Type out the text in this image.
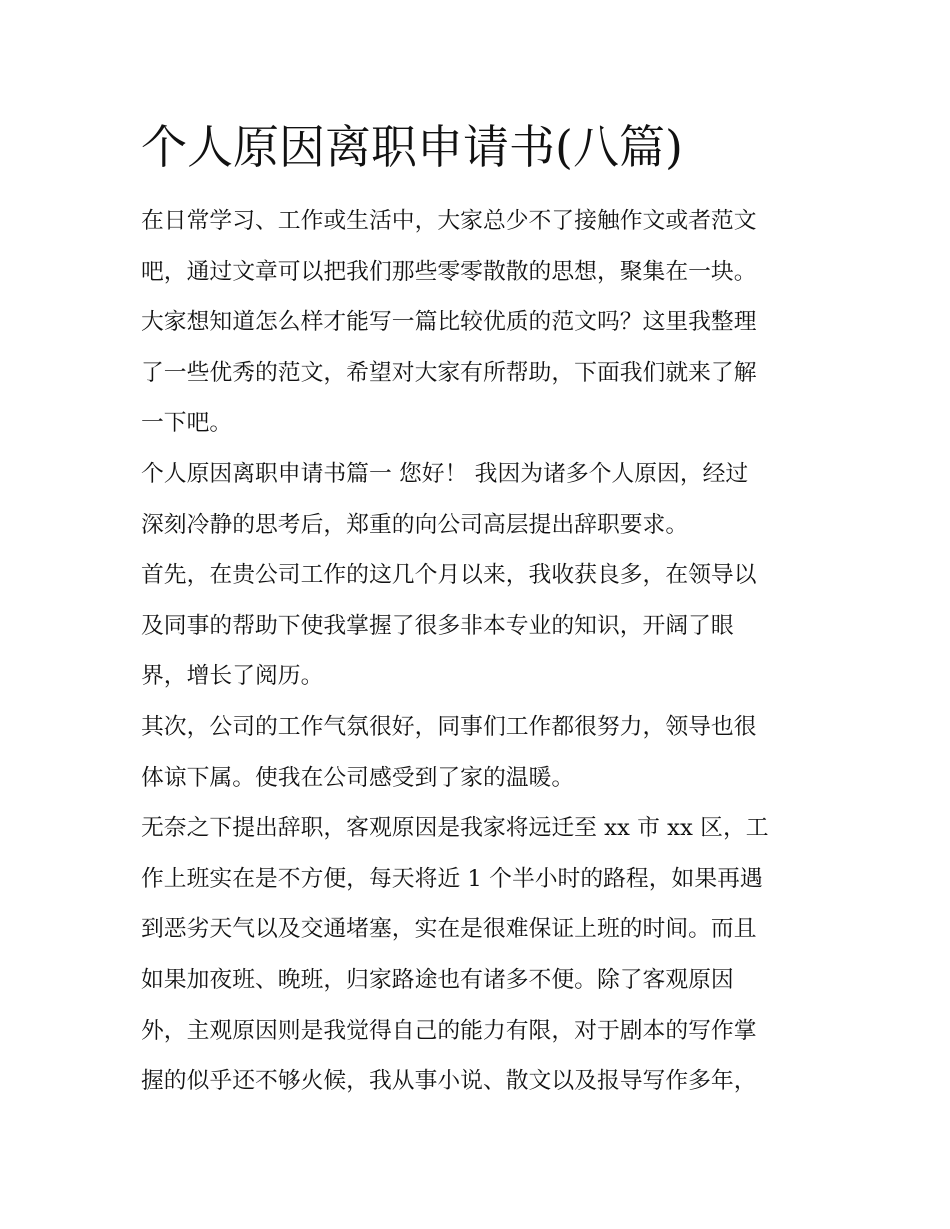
个人原因离职申请书(八篇)

在日常学习、工作或生活中，大家总少不了接触作文或者范文
吧，通过文章可以把我们那些零零散散的思想，聚集在一块。
大家想知道怎么样才能写一篇比较优质的范文吗？这里我整理
了一些优秀的范文，希望对大家有所帮助，下面我们就来了解
一下吧。

个人原因离职申请书篇一 您好！ 我因为诸多个人原因，经过
深刻冷静的思考后，郑重的向公司高层提出辞职要求。

首先，在贵公司工作的这几个月以来，我收获良多，在领导以
及同事的帮助下使我掌握了很多非本专业的知识，开阔了眼
界，增长了阅历。

其次，公司的工作气氛很好，同事们工作都很努力，领导也很
体谅下属。使我在公司感受到了家的温暖。

无奈之下提出辞职，客观原因是我家将远迁至 xx 市 xx 区，工
作上班实在是不方便，每天将近 1 个半小时的路程，如果再遇
到恶劣天气以及交通堵塞，实在是很难保证上班的时间。而且
如果加夜班、晚班，归家路途也有诸多不便。除了客观原因
外，主观原因则是我觉得自己的能力有限，对于剧本的写作掌
握的似乎还不够火候，我从事小说、散文以及报导写作多年，
